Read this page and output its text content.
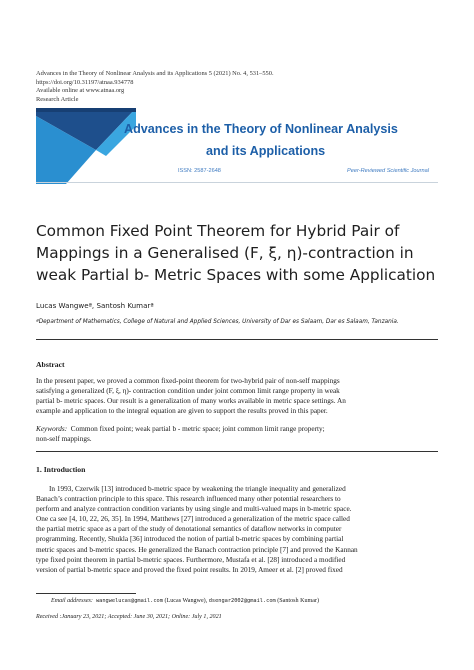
Advances in the Theory of Nonlinear Analysis and its Applications 5 (2021) No. 4, 531–550.
https://doi.org/10.31197/atnaa.934778
Available online at www.atnaa.org
Research Article
Advances in the Theory of Nonlinear Analysis
and its Applications
ISSN: 2587-2648	Peer-Reviewed Scientific Journal
Common Fixed Point Theorem for Hybrid Pair of
Mappings in a Generalised (F, ξ, η)-contraction in
weak Partial b- Metric Spaces with some Application
Lucas Wangweª, Santosh Kumarª
ªDepartment of Mathematics, College of Natural and Applied Sciences, University of Dar es Salaam, Dar es Salaam, Tanzania.
Abstract
In the present paper, we proved a common fixed-point theorem for two-hybrid pair of non-self mappings
satisfying a generalized (F, ξ, η)- contraction condition under joint common limit range property in weak
partial b- metric spaces. Our result is a generalization of many works available in metric space settings. An
example and application to the integral equation are given to support the results proved in this paper.
Keywords: Common fixed point; weak partial b - metric space; joint common limit range property;
non-self mappings.
1. Introduction
In 1993, Czerwik [13] introduced b-metric space by weakening the triangle inequality and generalized
Banach’s contraction principle to this space. This research influenced many other potential researchers to
perform and analyze contraction condition variants by using single and multi-valued maps in b-metric space.
One ca see [4, 10, 22, 26, 35]. In 1994, Matthews [27] introduced a generalization of the metric space called
the partial metric space as a part of the study of denotational semantics of dataflow networks in computer
programming. Recently, Shukla [36] introduced the notion of partial b-metric spaces by combining partial
metric spaces and b-metric spaces. He generalized the Banach contraction principle [7] and proved the Kannan
type fixed point theorem in partial b-metric spaces. Furthermore, Mustafa et al. [28] introduced a modified
version of partial b-metric space and proved the fixed point results. In 2019, Ameer et al. [2] proved fixed
Email addresses: wangwelucas@gmail.com (Lucas Wangwe), dsengar2002@gmail.com (Santosh Kumar)
Received :January 23, 2021; Accepted: June 30, 2021; Online: July 1, 2021
